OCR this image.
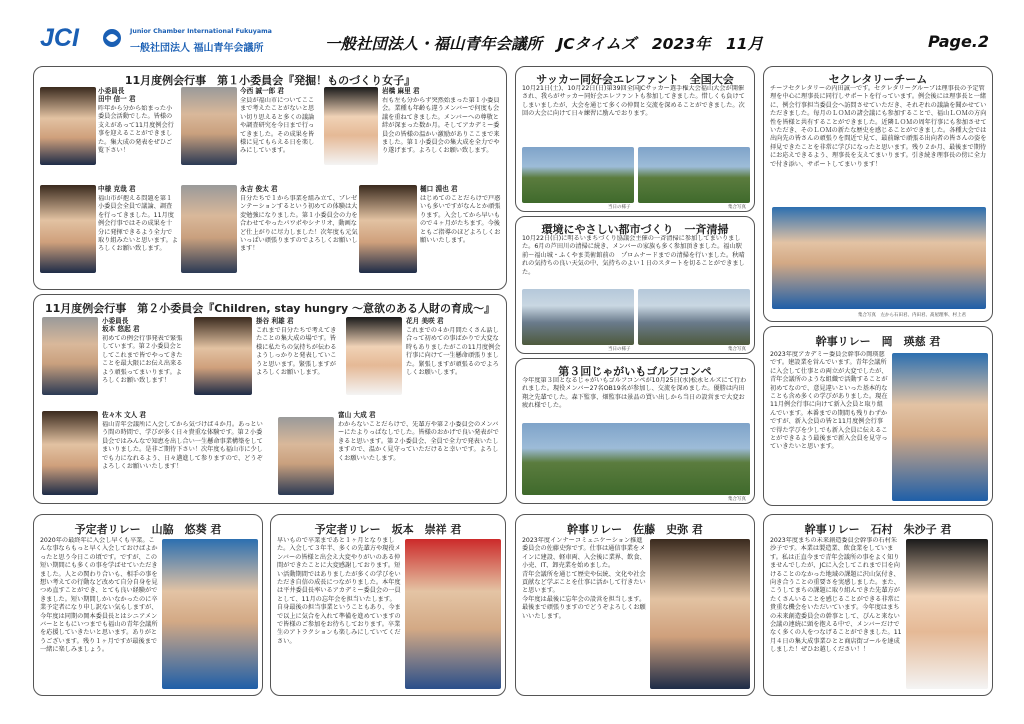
JCI	Junior Chamber International Fukuyama
一般社団法人 福山青年会議所	一般社団法人・福山青年会議所　JCタイムズ　2023年　11月	Page.2
11月度例会行事　第１小委員会『発掘！ものづくり女子』
小委員長
田中 信一 君
昨年から分から始まった小委員会活動でした。皆様の支えがあって11月度例会行事を迎えることができました。集大成の発表をぜひご覧下さい！
今西 誠一郎 君
全員が福山市についてここまで考えたことがないと思い切り思えると多くの議論や調査研究を今日まで行ってきました。その成果を皆様に見てもらえる日を楽しみにしています。
岩橋 麻里 君
右も左も分からず突然始まった第１小委員会。業種も年齢も違うメンバーで何度も会議を重ねてきました。メンバーへの尊敬と絆が深まった数か月。そしてアカデミー委員会の皆様の温かい激励がありここまで来ました。第１小委員会の集大成を全力でやり遂げます。よろしくお願い致します。
中様 克哉 君
福山市が抱える問題を第１小委員会全員で議論、調査を行ってきました。11月度例会行事ではその成果を十分に発揮できるよう全力で取り組みたいと思います。よろしくお願い致します。
永吉 俊太 君
自分たちで１から事業を組み立て、プレゼンテーションするという初めての体験は大変勉強になりました。第１小委員会の力を合わせてやったパワポやシナリオ、動画など仕上がりに尽力しました！次年度も元気いっぱい頑張りますのでよろしくお願いします！
樋口 淵也 君
はじめてのことだらけで戸惑いも多いですがなんとか頑張ります。入会してから早いもので４ヶ月がたちます。今後ともご指導のほどよろしくお願いいたします。
11月度例会行事　第２小委員会『Children, stay hungry ～意欲のある人財の育成～』
小委員長
坂本 悠起 君
初めての例会行事発表で緊張しています。第２小委員会としてこれまで皆でやってきたことを最大限にお伝え出来るよう頑張ってまいります。よろしくお願い致します！
掛谷 利雄 君
これまで自分たちで考えてきたことの集大成の場です。皆様に私たちの気持ちが伝わるようしっかりと発表していこうと思います。緊張しますがよろしくお願いします。
花月 美咲 君
これまでの４か月間たくさん話し合って初めての事ばかりで大変な時もありましたがこの11月度例会行事に向けて一生懸命頑張りました。緊張しますが頑張るのでよろしくお願いします。
佐々木 文人 君
福山青年会議所に入会してから気づけば４か月。あっという間の時間で、学びが多く日々貴重な体験です。第２小委員会ではみんなで知恵を出し合い一生懸命事業構築をしてまいりました。是非ご期待下さい！次年度も福山市に少しでも力になれるよう、日々邁進して参りますので、どうぞよろしくお願いいたします！
富山 大成 君
わからないことだらけで、先輩方や第２小委員会のメンバーにたよりっぱなしでした。皆様のおかげで良い発表ができると思います。第２小委員会、全員で全力で発表いたしますので、温かく見守っていただけると幸いです。よろしくお願いいたします。
サッカー同好会エレファント　全国大会
10月21日(土)、10月22日(日)第39回全国JCサッカー選手権大会福山大会が開催され、我らがサッカー同好会エレファントも参加してきました。惜しくも負けてしまいましたが、大会を通じて多くの仲間と交流を深めることができました。次回の大会に向けて日々練習に励んでおります。
当日の様子	集合写真
環境にやさしい都市づくり　一斉清掃
10月22日(日)に明るいまちづくり協議会主催の一斉清掃に参加してまいりました。6月の芦田川の清掃に続き、メンバーの家族も多く参加頂きました。福山駅前〜福山城・ふくやま美術館前の　プロムナードまでの清掃を行いました。秋晴れの気持ちの良い天気の中、気持ちのよい１日のスタートを切ることができました。
当日の様子	集合写真
第３回じゃがいもゴルフコンペ
今年度第３回となるじゃがいもゴルフコンペが10月25日(水)松永ヒルズにて行われました。現役メンバー27名OB19名が参加し、交流を深めました。優勝は内田翔之先輩でした。森下監事、畑監事は景品の買い出しから当日の設営まで大変お疲れ様でした。
集合写真
セクレタリーチーム
チーフセクレタリーの内田誠一です。セクレタリーグループは理事長の予定管理を中心に理事長に同行しサポートを行っています。例会後には理事長と一緒に、例会行事担当委員会へ訪問させていただき、それぞれの議論を聞かせていただきました。毎月のＬＯＭの諸会議にも参加することで、福山ＬＯＭの方向性を皆様と共有することができました。近隣ＬＯＭの周年行事にも参加させていただき、そのＬＯＭの新たな歴史を感じることができました。各種大会では出向先の皆さんの頑張りを間近で見て、最前線で頑張る出向者の皆さんの姿を拝見できたことを非常に学びになったと思います。残り２か月、最後まで期待にお応えできるよう、理事長を支えてまいります。引き続き理事長の傍に全力で付き添い、サポートしてまいります！
集合写真　左から石田君、内田君、髙屋理事、村上君
幹事リレー　岡　瑛慈 君
2023年度アカデミー委員会幹事の岡瑛慈です。建設業を営んでいます。青年会議所に入会して仕事との両立が大変でしたが、青年会議所のような組織で活動することが初めてなので、意見違いといった基本的なことも含め多くの学びがありました。現在11月例会行事に向けて新入会員と取り組んでいます。本番までの期間も残りわずかですが、新入会員の皆と11月度例会行事で得た学びを少しでも新入会員に伝えることができるよう最後まで新入会員を見守っていきたいと思います。
予定者リレー　山脇　悠葵 君
2020年の最終年に入会し早くも卒業。こんな事ならもっと早く入会しておけばよかったと思う今日この頃です。ですが、この短い期間にも多くの事を学ばせていただきました。人との関わり合いも、相手の事を想い考えての行動など改めて自分自身を見つめ直すことができ、とても良い経験ができました。短い期間しかいなかったのに卒業予定者になり申し訳ない気もしますが、今年度は同期の岡本委員長とはシニアメンバーとともにいつまでも福山の青年会議所を応援していきたいと思います。ありがとうございます。残り１ヶ月ですが最後まで一緒に楽しみましょう。
予定者リレー　坂本　崇祥 君
早いもので卒業まであと１ヶ月となりました。入会して３年半、多くの先輩方や現役メンバーの皆様と出会え大変やりがいのある仲間ができたことに大変感謝しております。短い活動期間ではありましたが多くの学びをいただき自信の成長につながりました。本年度は平井委員長率いるアカデミー委員会の一員として、11月の忘年会を担当いたします。自身最後の担当事業ということもあり、今まで以上に気合を入れて準備を進めていますので皆様のご参加をお待ちしております。卒業生のアトラクションも楽しみにしていてください。
幹事リレー　佐藤　史弥 君
2023年度インナーコミュニケーション推進委員会の佐藤史弥です。仕事は通信事業をメインに建設、軽車両、入会後に業界、飲食、小売、IT、卸売業を始めました。
青年会議所を通じて歴史や伝統、文化や社会貢献など学ぶことを仕事に活かして行きたいと思います。
今年度は最後に忘年会の設営を担当します。最後まで頑張りますのでどうぞよろしくお願いいたします。
幹事リレー　石村　朱沙子 君
2023年度まちの未来創造委員会幹事の石村朱沙子です。本業は製造業、飲食業をしています。私は正直今まで青年会議所の事をよく知りませんでしたが、JCに入会してこれまで目を向けることのなかった地域の課題に沢山気付き、向き合うことの重要さを実感しました。また、こうしてまちの課題に取り組んできた先輩方がたくさんいることを感じることができる非常に貴重な機会をいただいています。今年度はまちの未来創造委員会の幹事として、ぴんと来ない会議の連続に頭を抱える中で、メンバーだけでなく多くの人をつなげることができました。11月４日の集大成事業ひとと商店街ゴールを達成しました！ぜひお越しください！！
